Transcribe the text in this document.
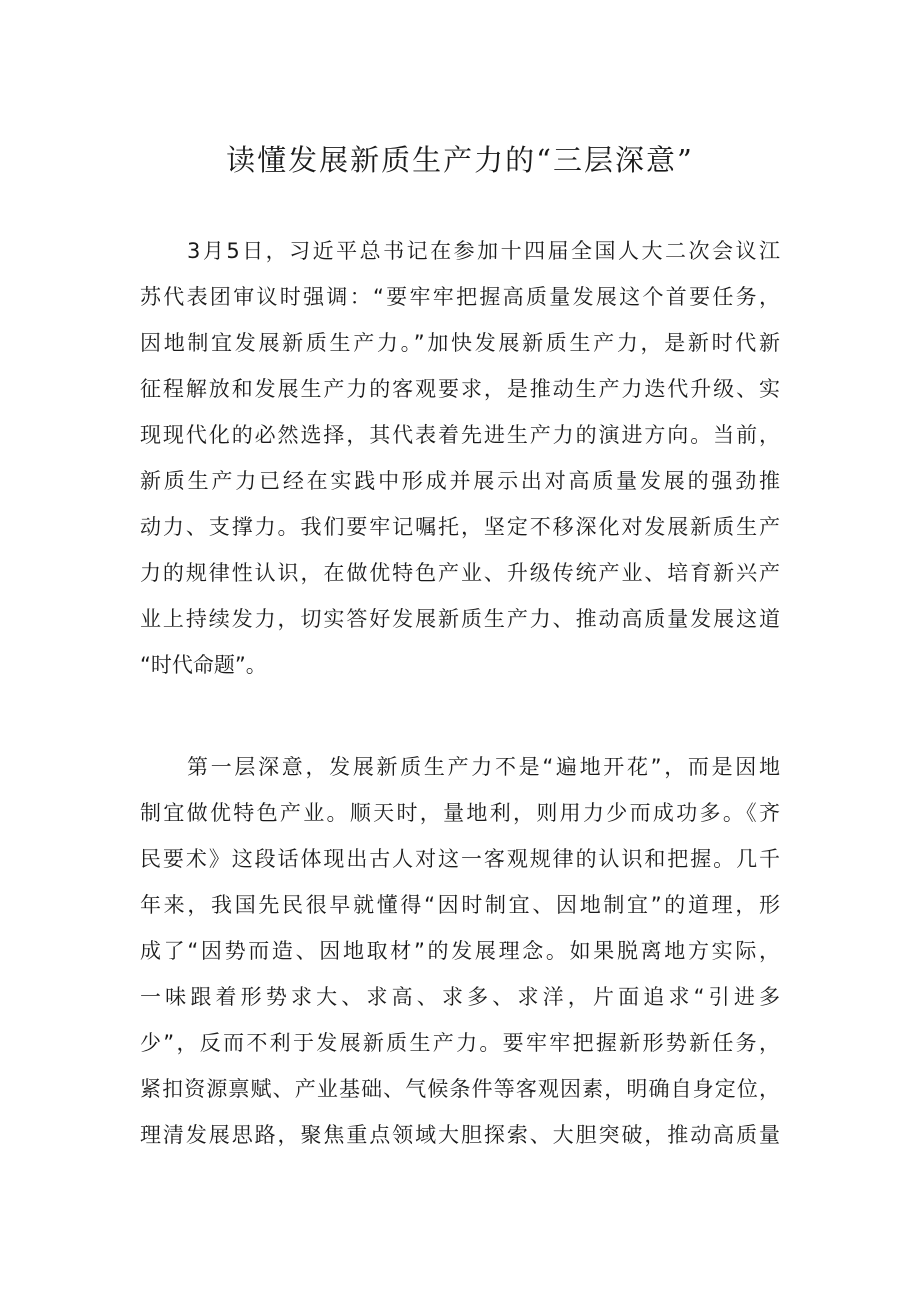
读懂发展新质生产力的“三层深意”
3月5日，习近平总书记在参加十四届全国人大二次会议江
苏代表团审议时强调：“要牢牢把握高质量发展这个首要任务，
因地制宜发展新质生产力。”加快发展新质生产力，是新时代新
征程解放和发展生产力的客观要求，是推动生产力迭代升级、实
现现代化的必然选择，其代表着先进生产力的演进方向。当前，
新质生产力已经在实践中形成并展示出对高质量发展的强劲推
动力、支撑力。我们要牢记嘱托，坚定不移深化对发展新质生产
力的规律性认识，在做优特色产业、升级传统产业、培育新兴产
业上持续发力，切实答好发展新质生产力、推动高质量发展这道
“时代命题”。
第一层深意，发展新质生产力不是“遍地开花”，而是因地
制宜做优特色产业。顺天时，量地利，则用力少而成功多。《齐
民要术》这段话体现出古人对这一客观规律的认识和把握。几千
年来，我国先民很早就懂得“因时制宜、因地制宜”的道理，形
成了“因势而造、因地取材”的发展理念。如果脱离地方实际，
一味跟着形势求大、求高、求多、求洋，片面追求“引进多
少”，反而不利于发展新质生产力。要牢牢把握新形势新任务，
紧扣资源禀赋、产业基础、气候条件等客观因素，明确自身定位，
理清发展思路，聚焦重点领域大胆探索、大胆突破，推动高质量
